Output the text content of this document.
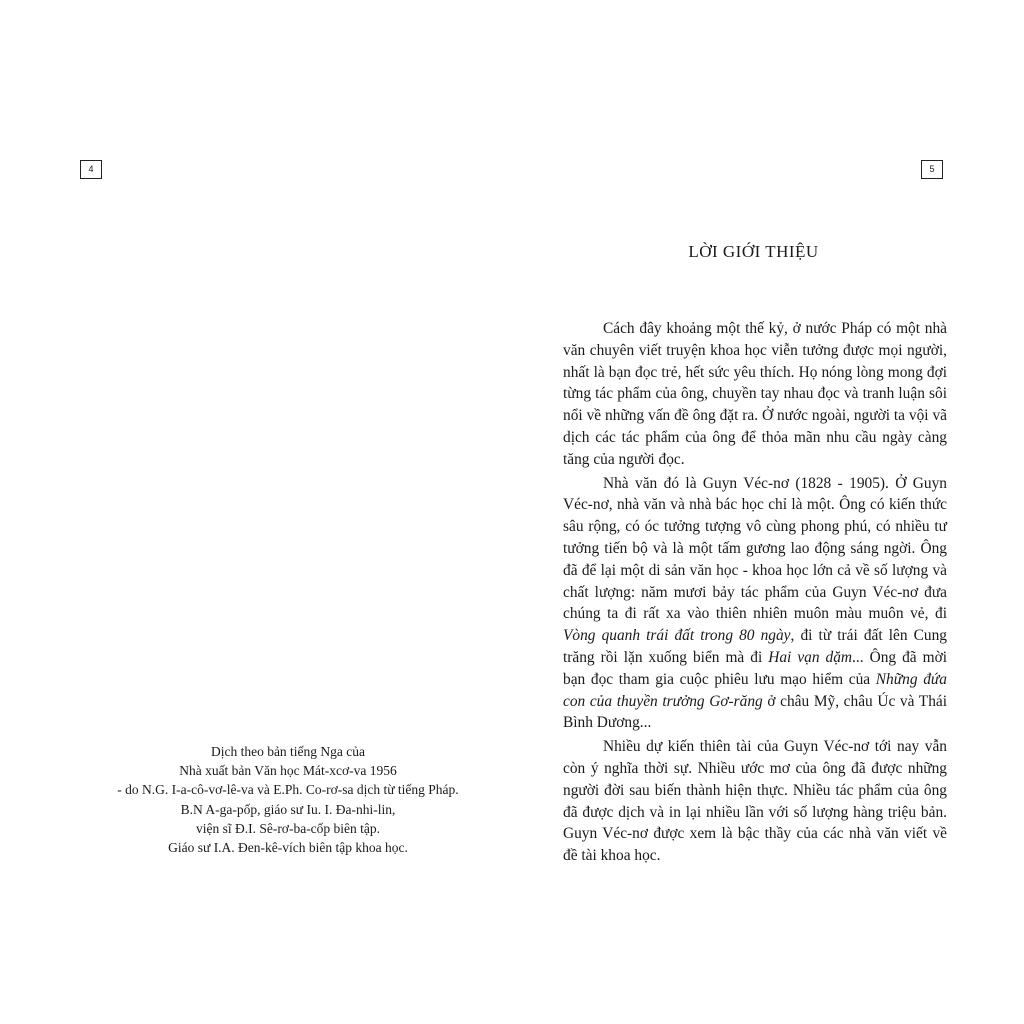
4
Dịch theo bản tiếng Nga của
Nhà xuất bản Văn học Mát-xcơ-va 1956
- do N.G. I-a-cô-vơ-lê-va và E.Ph. Co-rơ-sa dịch từ tiếng Pháp.
B.N A-ga-pốp, giáo sư Iu. I. Đa-nhi-lin,
viện sĩ Đ.I. Sê-rơ-ba-cốp biên tập.
Giáo sư I.A. Đen-kê-vích biên tập khoa học.
5
LỜI GIỚI THIỆU

Cách đây khoảng một thế kỷ, ở nước Pháp có một nhà văn chuyên viết truyện khoa học viễn tưởng được mọi người, nhất là bạn đọc trẻ, hết sức yêu thích. Họ nóng lòng mong đợi từng tác phẩm của ông, chuyền tay nhau đọc và tranh luận sôi nổi về những vấn đề ông đặt ra. Ở nước ngoài, người ta vội vã dịch các tác phẩm của ông để thỏa mãn nhu cầu ngày càng tăng của người đọc.

Nhà văn đó là Guyn Véc-nơ (1828 - 1905). Ở Guyn Véc-nơ, nhà văn và nhà bác học chỉ là một. Ông có kiến thức sâu rộng, có óc tưởng tượng vô cùng phong phú, có nhiều tư tưởng tiến bộ và là một tấm gương lao động sáng ngời. Ông đã để lại một di sản văn học - khoa học lớn cả về số lượng và chất lượng: năm mươi bảy tác phẩm của Guyn Véc-nơ đưa chúng ta đi rất xa vào thiên nhiên muôn màu muôn vẻ, đi Vòng quanh trái đất trong 80 ngày, đi từ trái đất lên Cung trăng rồi lặn xuống biển mà đi Hai vạn dặm... Ông đã mời bạn đọc tham gia cuộc phiêu lưu mạo hiểm của Những đứa con của thuyền trưởng Gơ-răng ở châu Mỹ, châu Úc và Thái Bình Dương...

Nhiều dự kiến thiên tài của Guyn Véc-nơ tới nay vẫn còn ý nghĩa thời sự. Nhiều ước mơ của ông đã được những người đời sau biến thành hiện thực. Nhiều tác phẩm của ông đã được dịch và in lại nhiều lần với số lượng hàng triệu bản. Guyn Véc-nơ được xem là bậc thầy của các nhà văn viết về đề tài khoa học.
